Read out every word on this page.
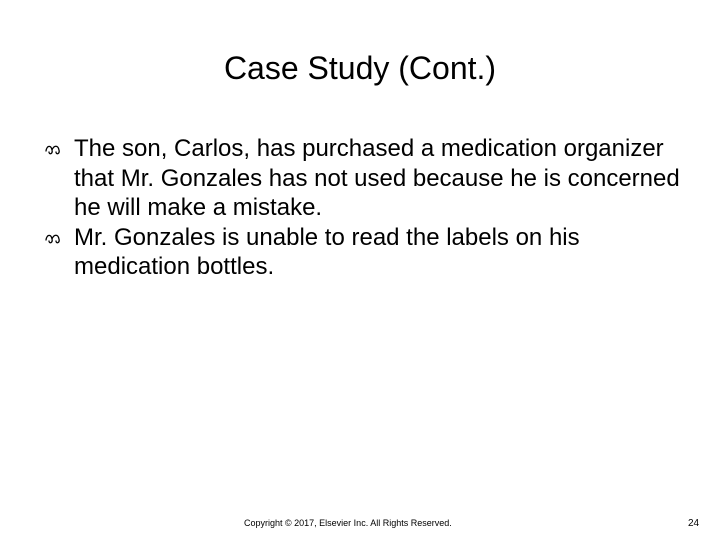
Case Study (Cont.)
The son, Carlos, has purchased a medication organizer that Mr. Gonzales has not used because he is concerned he will make a mistake.
Mr. Gonzales is unable to read the labels on his medication bottles.
Copyright © 2017, Elsevier Inc. All Rights Reserved.	24
